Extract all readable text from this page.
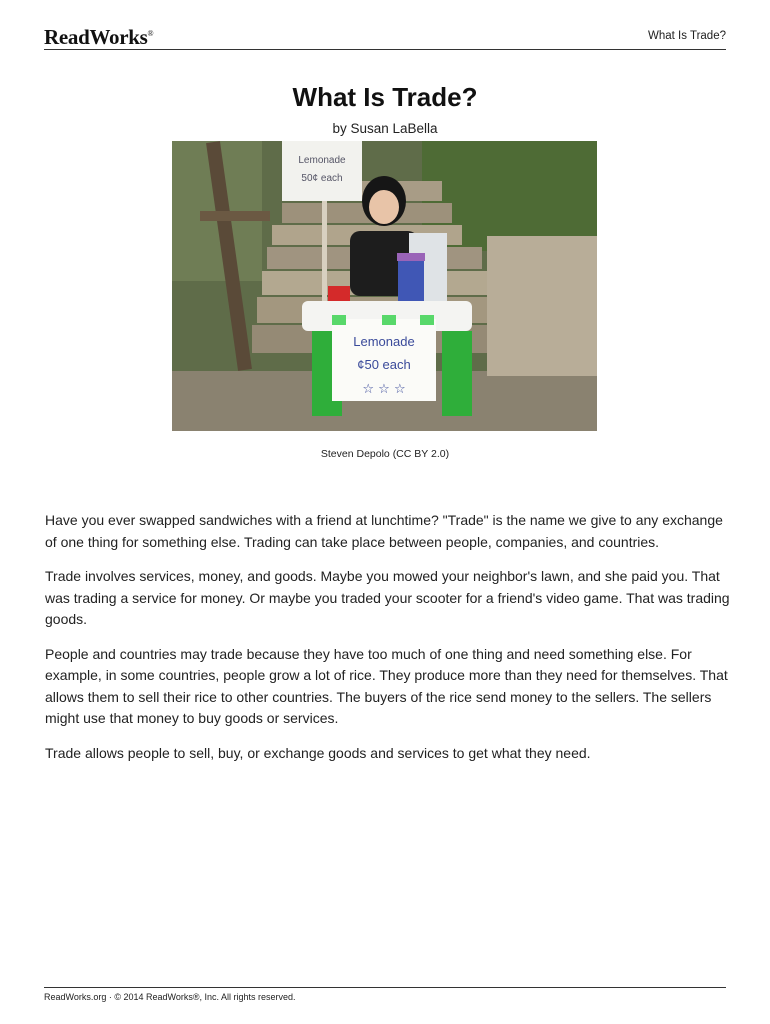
ReadWorks®	What Is Trade?
What Is Trade?
by Susan LaBella
Lemonade
50¢ each
Lemonade
¢50 each
☆ ☆ ☆
Steven Depolo (CC BY 2.0)

Have you ever swapped sandwiches with a friend at lunchtime? "Trade" is the name we give to any exchange of one thing for something else. Trading can take place between people, companies, and countries.

Trade involves services, money, and goods. Maybe you mowed your neighbor's lawn, and she paid you. That was trading a service for money. Or maybe you traded your scooter for a friend's video game. That was trading goods.

People and countries may trade because they have too much of one thing and need something else. For example, in some countries, people grow a lot of rice. They produce more than they need for themselves. That allows them to sell their rice to other countries. The buyers of the rice send money to the sellers. The sellers might use that money to buy goods or services.

Trade allows people to sell, buy, or exchange goods and services to get what they need.

ReadWorks.org · © 2014 ReadWorks®, Inc. All rights reserved.
